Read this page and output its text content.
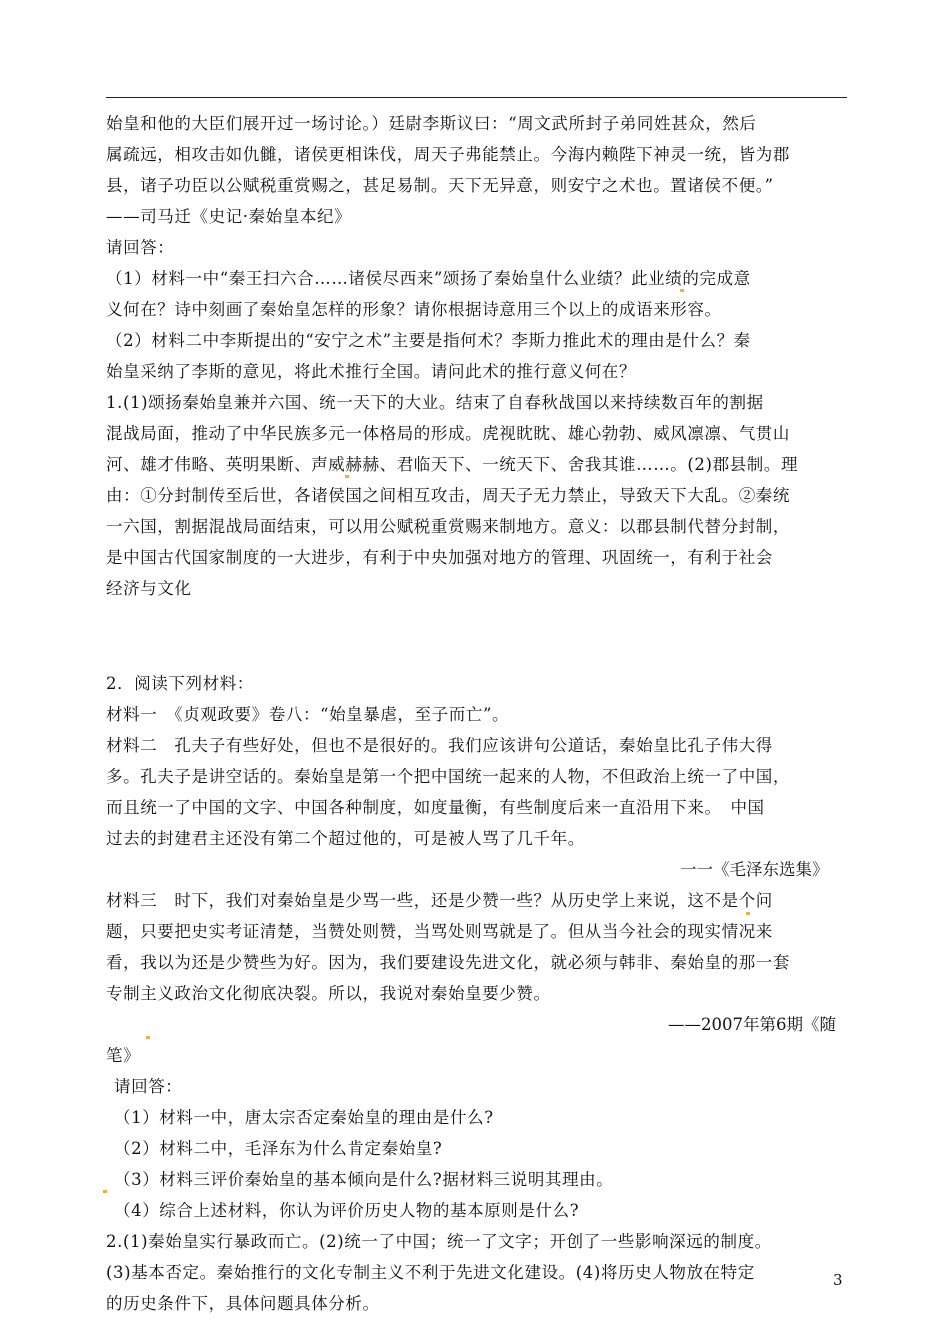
始皇和他的大臣们展开过一场讨论。）廷尉李斯议曰：“周文武所封子弟同姓甚众，然后
属疏远，相攻击如仇雠，诸侯更相诛伐，周天子弗能禁止。今海内赖陛下神灵一统，皆为郡
县，诸子功臣以公赋税重赏赐之，甚足易制。天下无异意，则安宁之术也。置诸侯不便。”
——司马迁《史记·秦始皇本纪》
请回答：
（1）材料一中“秦王扫六合……诸侯尽西来”颂扬了秦始皇什么业绩？此业绩的完成意
义何在？诗中刻画了秦始皇怎样的形象？请你根据诗意用三个以上的成语来形容。
（2）材料二中李斯提出的“安宁之术”主要是指何术？李斯力推此术的理由是什么？秦
始皇采纳了李斯的意见，将此术推行全国。请问此术的推行意义何在？
1.(1)颂扬秦始皇兼并六国、统一天下的大业。结束了自春秋战国以来持续数百年的割据
混战局面，推动了中华民族多元一体格局的形成。虎视眈眈、雄心勃勃、威风凛凛、气贯山
河、雄才伟略、英明果断、声威赫赫、君临天下、一统天下、舍我其谁……。(2)郡县制。理
由：①分封制传至后世，各诸侯国之间相互攻击，周天子无力禁止，导致天下大乱。②秦统
一六国，割据混战局面结束，可以用公赋税重赏赐来制地方。意义：以郡县制代替分封制，
是中国古代国家制度的一大进步，有利于中央加强对地方的管理、巩固统一，有利于社会
经济与文化
2．阅读下列材料：
材料一　《贞观政要》卷八：“始皇暴虐，至子而亡”。
材料二　孔夫子有些好处，但也不是很好的。我们应该讲句公道话，秦始皇比孔子伟大得
多。孔夫子是讲空话的。秦始皇是第一个把中国统一起来的人物，不但政治上统一了中国，
而且统一了中国的文字、中国各种制度，如度量衡，有些制度后来一直沿用下来。　中国
过去的封建君主还没有第二个超过他的，可是被人骂了几千年。
一一《毛泽东选集》
材料三　时下，我们对秦始皇是少骂一些，还是少赞一些？从历史学上来说，这不是个问
题，只要把史实考证清楚，当赞处则赞，当骂处则骂就是了。但从当今社会的现实情况来
看，我以为还是少赞些为好。因为，我们要建设先进文化，就必须与韩非、秦始皇的那一套
专制主义政治文化彻底决裂。所以，我说对秦始皇要少赞。
——2007年第6期《随
笔》
请回答：
（1）材料一中，唐太宗否定秦始皇的理由是什么?
（2）材料二中，毛泽东为什么肯定秦始皇?
（3）材料三评价秦始皇的基本倾向是什么?据材料三说明其理由。
（4）综合上述材料，你认为评价历史人物的基本原则是什么?
2.(1)秦始皇实行暴政而亡。(2)统一了中国；统一了文字；开创了一些影响深远的制度。
(3)基本否定。秦始推行的文化专制主义不利于先进文化建设。(4)将历史人物放在特定
的历史条件下，具体问题具体分析。
3
